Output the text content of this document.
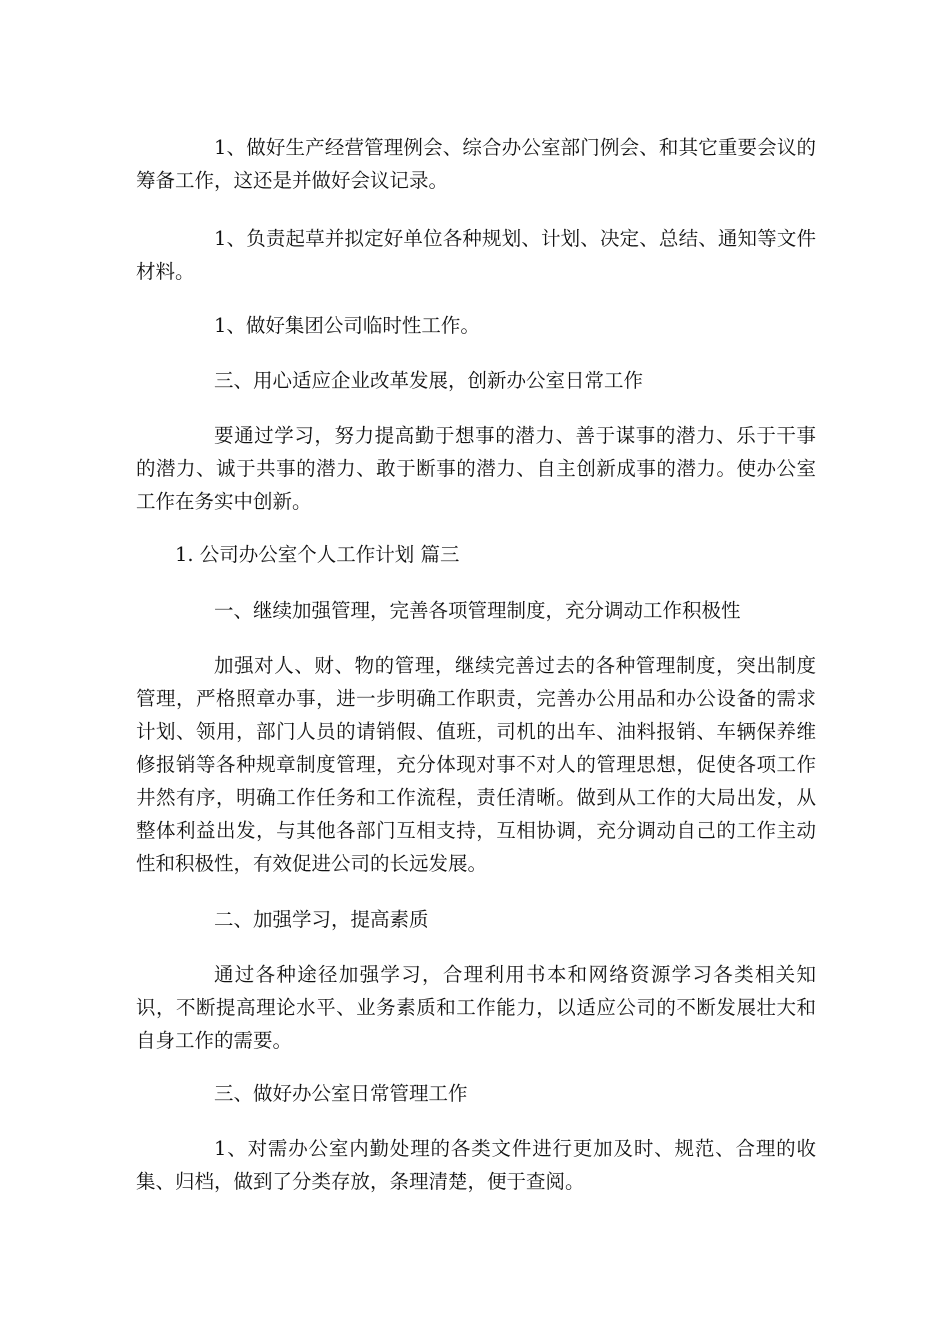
1、做好生产经营管理例会、综合办公室部门例会、和其它重要会议的筹备工作，这还是并做好会议记录。

1、负责起草并拟定好单位各种规划、计划、决定、总结、通知等文件材料。

1、做好集团公司临时性工作。

三、用心适应企业改革发展，创新办公室日常工作

要通过学习，努力提高勤于想事的潜力、善于谋事的潜力、乐于干事的潜力、诚于共事的潜力、敢于断事的潜力、自主创新成事的潜力。使办公室工作在务实中创新。

1. 公司办公室个人工作计划 篇三

一、继续加强管理，完善各项管理制度，充分调动工作积极性

加强对人、财、物的管理，继续完善过去的各种管理制度，突出制度管理，严格照章办事，进一步明确工作职责，完善办公用品和办公设备的需求计划、领用，部门人员的请销假、值班，司机的出车、油料报销、车辆保养维修报销等各种规章制度管理，充分体现对事不对人的管理思想，促使各项工作井然有序，明确工作任务和工作流程，责任清晰。做到从工作的大局出发，从整体利益出发，与其他各部门互相支持，互相协调，充分调动自己的工作主动性和积极性，有效促进公司的长远发展。

二、加强学习，提高素质

通过各种途径加强学习，合理利用书本和网络资源学习各类相关知识，不断提高理论水平、业务素质和工作能力，以适应公司的不断发展壮大和自身工作的需要。

三、做好办公室日常管理工作

1、对需办公室内勤处理的各类文件进行更加及时、规范、合理的收集、归档，做到了分类存放，条理清楚，便于查阅。
